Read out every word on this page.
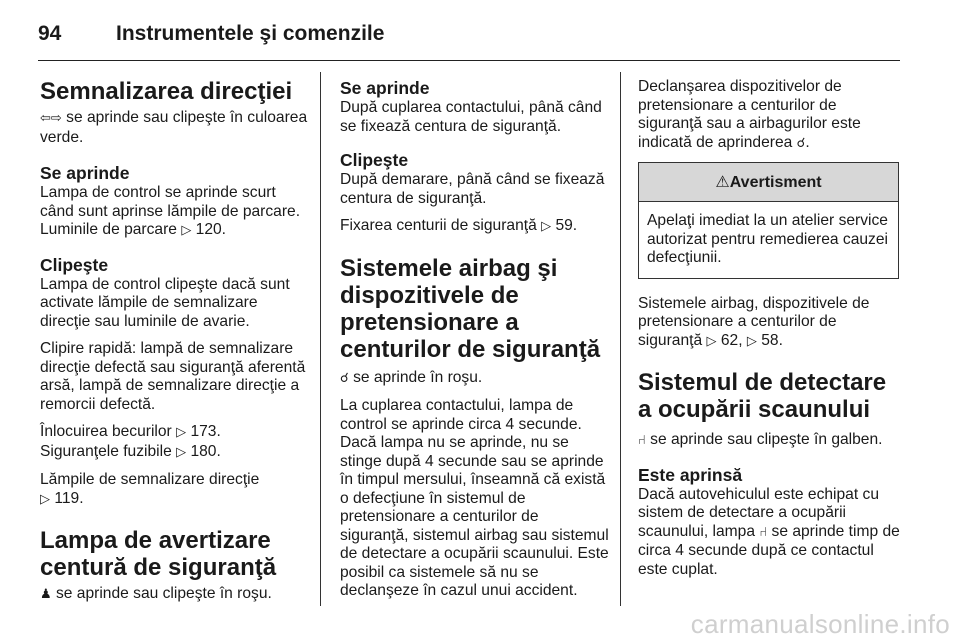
94	Instrumentele şi comenzile
Semnalizarea direcţiei

⇦⇨ se aprinde sau clipeşte în culoarea verde.

Se aprinde

Lampa de control se aprinde scurt când sunt aprinse lămpile de parcare. Luminile de parcare ▷ 120.

Clipeşte

Lampa de control clipeşte dacă sunt activate lămpile de semnalizare direcţie sau luminile de avarie.

Clipire rapidă: lampă de semnalizare direcţie defectă sau siguranţă aferentă arsă, lampă de semnalizare direcţie a remorcii defectă.

Înlocuirea becurilor ▷ 173.
Siguranţele fuzibile ▷ 180.

Lămpile de semnalizare direcţie
▷ 119.

Lampa de avertizare centură de siguranţă

♟ se aprinde sau clipeşte în roşu.

Se aprinde

După cuplarea contactului, până când se fixează centura de siguranţă.

Clipeşte

După demarare, până când se fixează centura de siguranţă.

Fixarea centurii de siguranţă ▷ 59.

Sistemele airbag şi dispozitivele de pretensionare a centurilor de siguranţă

☌ se aprinde în roşu.

La cuplarea contactului, lampa de control se aprinde circa 4 secunde. Dacă lampa nu se aprinde, nu se stinge după 4 secunde sau se aprinde în timpul mersului, înseamnă că există o defecţiune în sistemul de pretensionare a centurilor de siguranţă, sistemul airbag sau sistemul de detectare a ocupării scaunului. Este posibil ca sistemele să nu se declanşeze în cazul unui accident.

Declanşarea dispozitivelor de pretensionare a centurilor de siguranţă sau a airbagurilor este indicată de aprinderea ☌.

⚠Avertisment
Apelaţi imediat la un atelier service autorizat pentru remedierea cauzei defecţiunii.

Sistemele airbag, dispozitivele de pretensionare a centurilor de siguranţă ▷ 62, ▷ 58.

Sistemul de detectare a ocupării scaunului

⑁ se aprinde sau clipeşte în galben.

Este aprinsă

Dacă autovehiculul este echipat cu sistem de detectare a ocupării scaunului, lampa ⑁ se aprinde timp de circa 4 secunde după ce contactul este cuplat.

carmanualsonline.info
